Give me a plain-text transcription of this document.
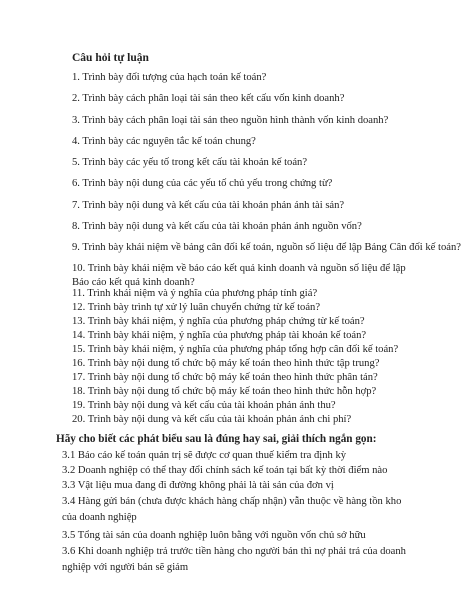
Câu hỏi tự luận
1. Trình bày đối tượng của hạch toán kế toán?
2. Trình bày cách phân loại tài sản theo kết cấu vốn kinh doanh?
3. Trình bày cách phân loại tài sản theo nguồn hình thành vốn kinh doanh?
4. Trình bày các nguyên tắc kế toán chung?
5. Trình bày các yếu tố trong kết cấu tài khoản kế toán?
6. Trình bày nội dung của các yếu tố chủ yếu trong chứng từ?
7. Trình bày nội dung và kết cấu của tài khoản phản ánh tài sản?
8. Trình bày nội dung và kết cấu của tài khoản phản ánh nguồn vốn?
9. Trình bày khái niệm về bảng cân đối kế toán, nguồn số liệu để lập Bảng Cân đối kế toán?
10. Trình bày khái niệm về báo cáo kết quả kinh doanh và nguồn số liệu để lập Báo cáo kết quả kinh doanh?
11. Trình khái niệm và ý nghĩa của phương pháp tính giá?
12. Trình bày trình tự xử lý luân chuyển chứng từ kế toán?
13. Trình bày khái niệm, ý nghĩa của phương pháp chứng từ kế toán?
14. Trình bày khái niệm, ý nghĩa của phương pháp tài khoản kế toán?
15. Trình bày khái niệm, ý nghĩa của phương pháp tổng hợp cân đối kế toán?
16. Trình bày nội dung tổ chức bộ máy kế toán theo hình thức tập trung?
Hãy cho biết các phát biểu sau là đúng hay sai, giải thích ngắn gọn:
3.1 Báo cáo kế toán quản trị sẽ được cơ quan thuế kiểm tra định kỳ
3.2 Doanh nghiệp có thể thay đổi chính sách kế toán tại bất kỳ thời điểm nào
3.3 Vật liệu mua đang đi đường không phải là tài sản của đơn vị
3.4 Hàng gửi bán (chưa được khách hàng chấp nhận) vẫn thuộc về hàng tồn kho của doanh nghiệp
3.5 Tổng tài sản của doanh nghiệp luôn bằng với nguồn vốn chủ sở hữu
3.6 Khi doanh nghiệp trả trước tiền hàng cho người bán thì nợ phải trả của doanh nghiệp với người bán sẽ giảm
17. Trình bày nội dung tổ chức bộ máy kế toán theo hình thức phân tán?
18. Trình bày nội dung tổ chức bộ máy kế toán theo hình thức hỗn hợp?
19. Trình bày nội dung và kết cấu của tài khoản phản ánh thu?
20. Trình bày nội dung và kết cấu của tài khoản phản ánh chi phí?
